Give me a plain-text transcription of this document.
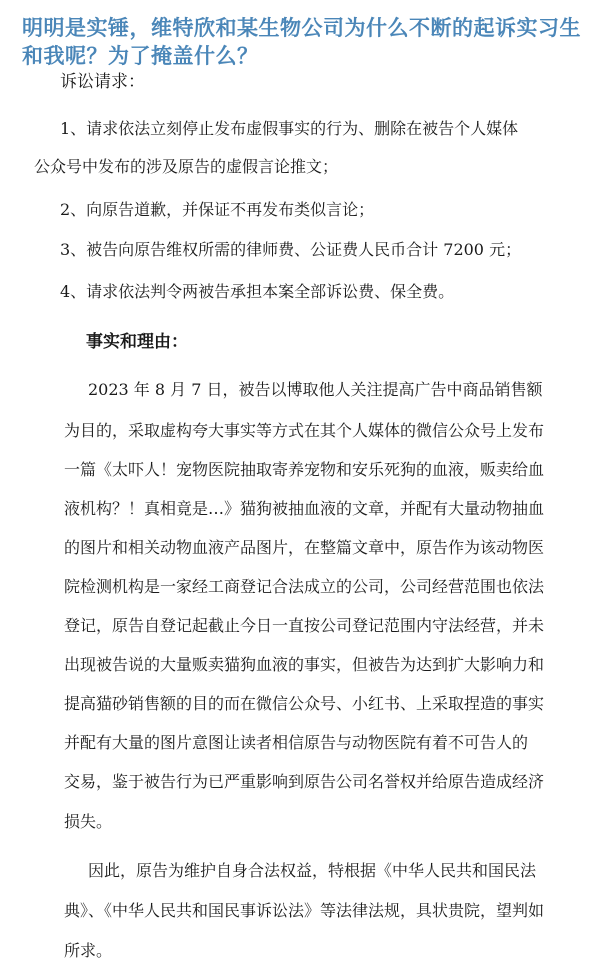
明明是实锤，维特欣和某生物公司为什么不断的起诉实习生和我呢？为了掩盖什么？
诉讼请求：
1、请求依法立刻停止发布虚假事实的行为、删除在被告个人媒体
公众号中发布的涉及原告的虚假言论推文；
2、向原告道歉，并保证不再发布类似言论；
3、被告向原告维权所需的律师费、公证费人民币合计 7200 元；
4、请求依法判令两被告承担本案全部诉讼费、保全费。
事实和理由：
2023 年 8 月 7 日，被告以博取他人关注提高广告中商品销售额
为目的，采取虚构夸大事实等方式在其个人媒体的微信公众号上发布
一篇《太吓人！宠物医院抽取寄养宠物和安乐死狗的血液，贩卖给血
液机构？！真相竟是…》猫狗被抽血液的文章，并配有大量动物抽血
的图片和相关动物血液产品图片，在整篇文章中，原告作为该动物医
院检测机构是一家经工商登记合法成立的公司，公司经营范围也依法
登记，原告自登记起截止今日一直按公司登记范围内守法经营，并未
出现被告说的大量贩卖猫狗血液的事实，但被告为达到扩大影响力和
提高猫砂销售额的目的而在微信公众号、小红书、上采取捏造的事实
并配有大量的图片意图让读者相信原告与动物医院有着不可告人的
交易，鉴于被告行为已严重影响到原告公司名誉权并给原告造成经济
损失。
因此，原告为维护自身合法权益，特根据《中华人民共和国民法
典》、《中华人民共和国民事诉讼法》等法律法规，具状贵院，望判如
所求。
